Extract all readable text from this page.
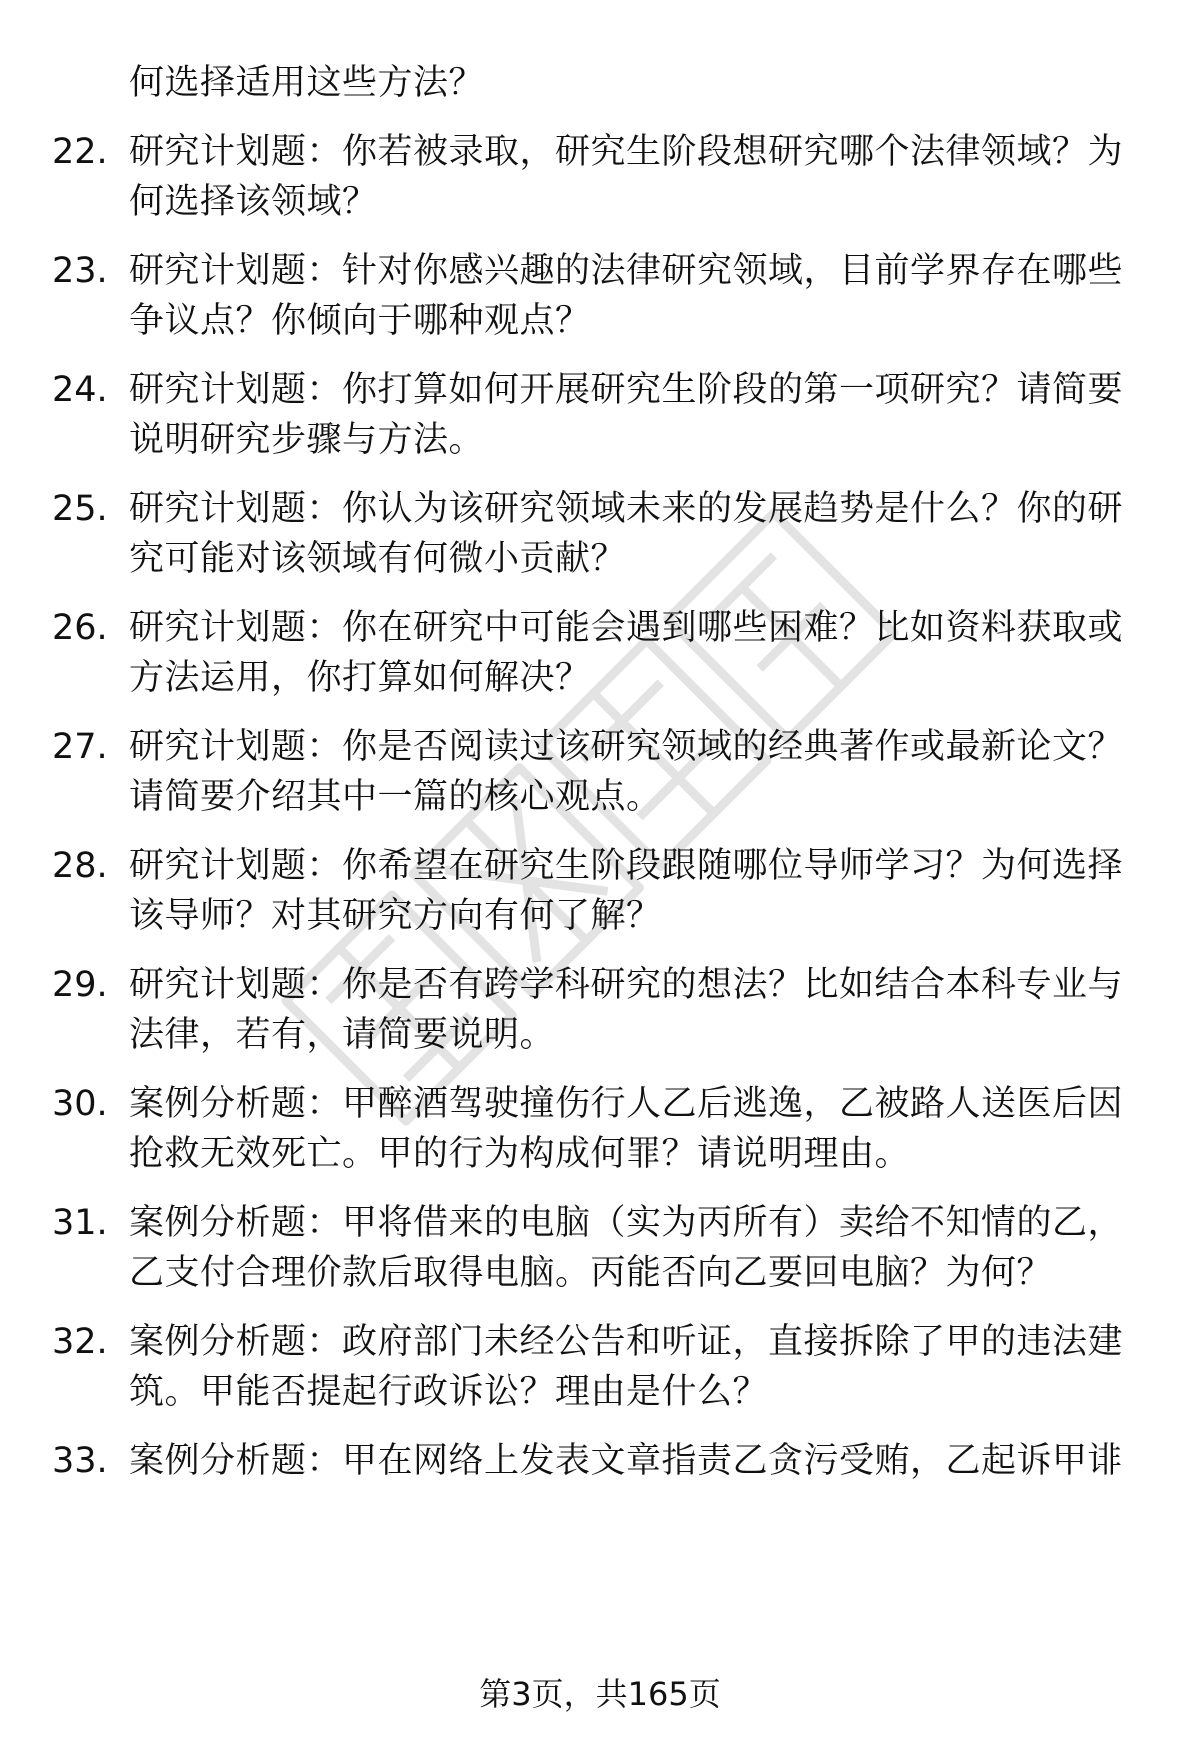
何选择适用这些方法？
22. 研究计划题：你若被录取，研究生阶段想研究哪个法律领域？为
何选择该领域？
23. 研究计划题：针对你感兴趣的法律研究领域，目前学界存在哪些
争议点？你倾向于哪种观点？
24. 研究计划题：你打算如何开展研究生阶段的第一项研究？请简要
说明研究步骤与方法。
25. 研究计划题：你认为该研究领域未来的发展趋势是什么？你的研
究可能对该领域有何微小贡献？
26. 研究计划题：你在研究中可能会遇到哪些困难？比如资料获取或
方法运用，你打算如何解决？
27. 研究计划题：你是否阅读过该研究领域的经典著作或最新论文？
请简要介绍其中一篇的核心观点。
28. 研究计划题：你希望在研究生阶段跟随哪位导师学习？为何选择
该导师？对其研究方向有何了解？
29. 研究计划题：你是否有跨学科研究的想法？比如结合本科专业与
法律，若有，请简要说明。
30. 案例分析题：甲醉酒驾驶撞伤行人乙后逃逸，乙被路人送医后因
抢救无效死亡。甲的行为构成何罪？请说明理由。
31. 案例分析题：甲将借来的电脑（实为丙所有）卖给不知情的乙，
乙支付合理价款后取得电脑。丙能否向乙要回电脑？为何？
32. 案例分析题：政府部门未经公告和听证，直接拆除了甲的违法建
筑。甲能否提起行政诉讼？理由是什么？
33. 案例分析题：甲在网络上发表文章指责乙贪污受贿，乙起诉甲诽
第3页，共165页
